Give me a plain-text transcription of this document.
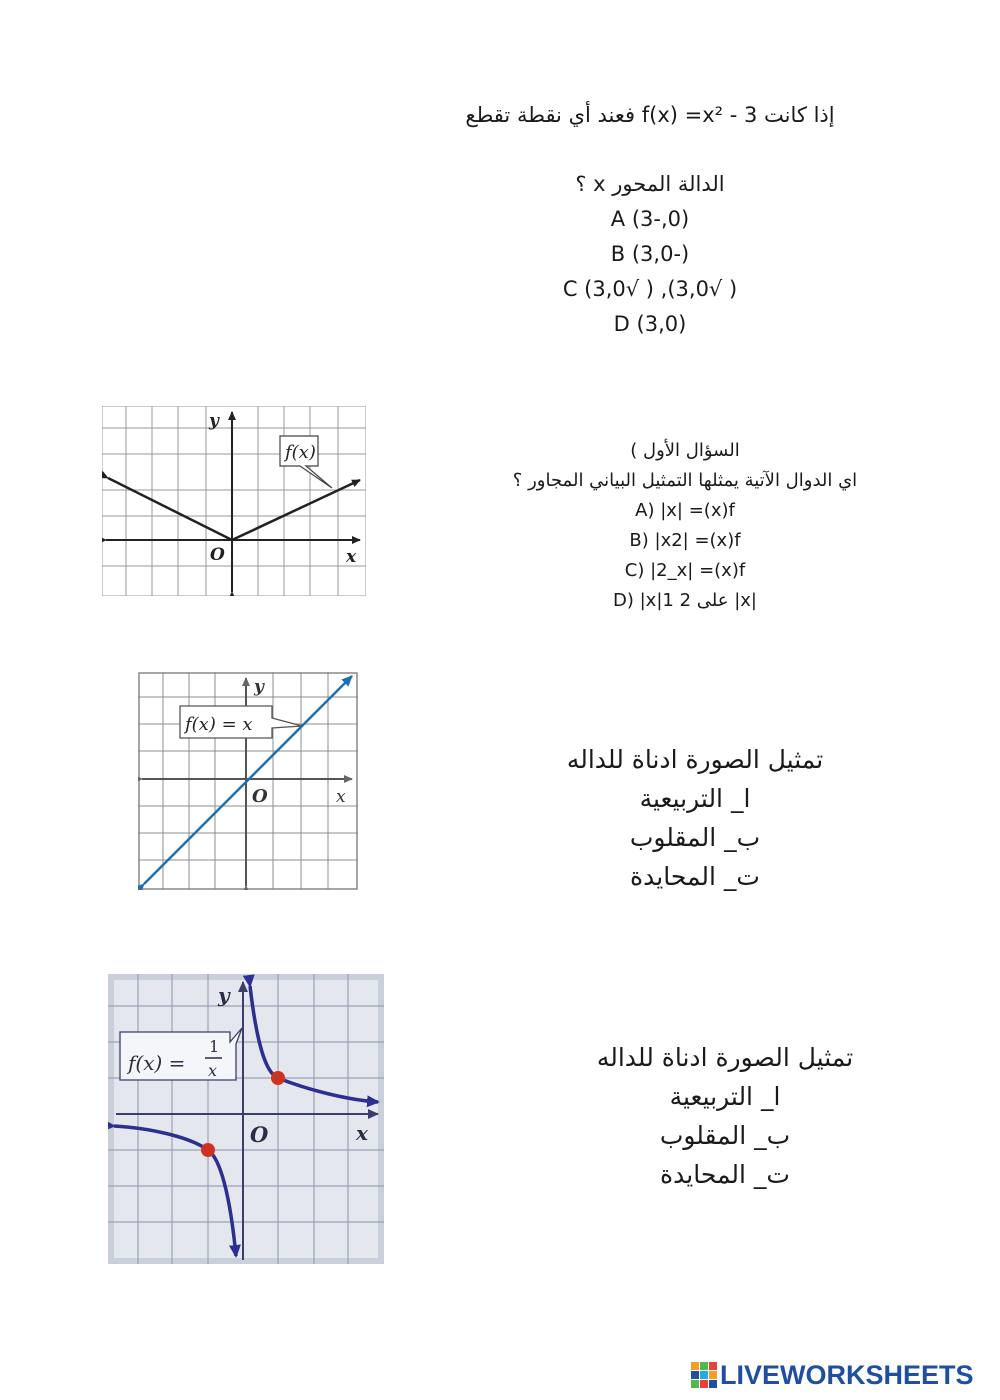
إذا كانت f(x) =x² - 3 فعند أي نقطة تقطع
الدالة المحور x ؟
A (3-,0)
B (3,0-)
C (3,0√ ) ,(3,0√ )
D (3,0)
f(x)
y
x
O
السؤال الأول )
اي الدوال الآتية يمثلها التمثيل البياني المجاور ؟
A) |x| =(x)f
B) |x2| =(x)f
C) |2_x| =(x)f
D) |x|1 على 2 |x|
f(x) = x
y
x
O
تمثيل الصورة ادناة للداله
ا_ التربيعية
ب_ المقلوب
ت_ المحايدة
f(x) =
1
x
y
x
O
تمثيل الصورة ادناة للداله
ا_ التربيعية
ب_ المقلوب
ت_ المحايدة
LIVEWORKSHEETS
